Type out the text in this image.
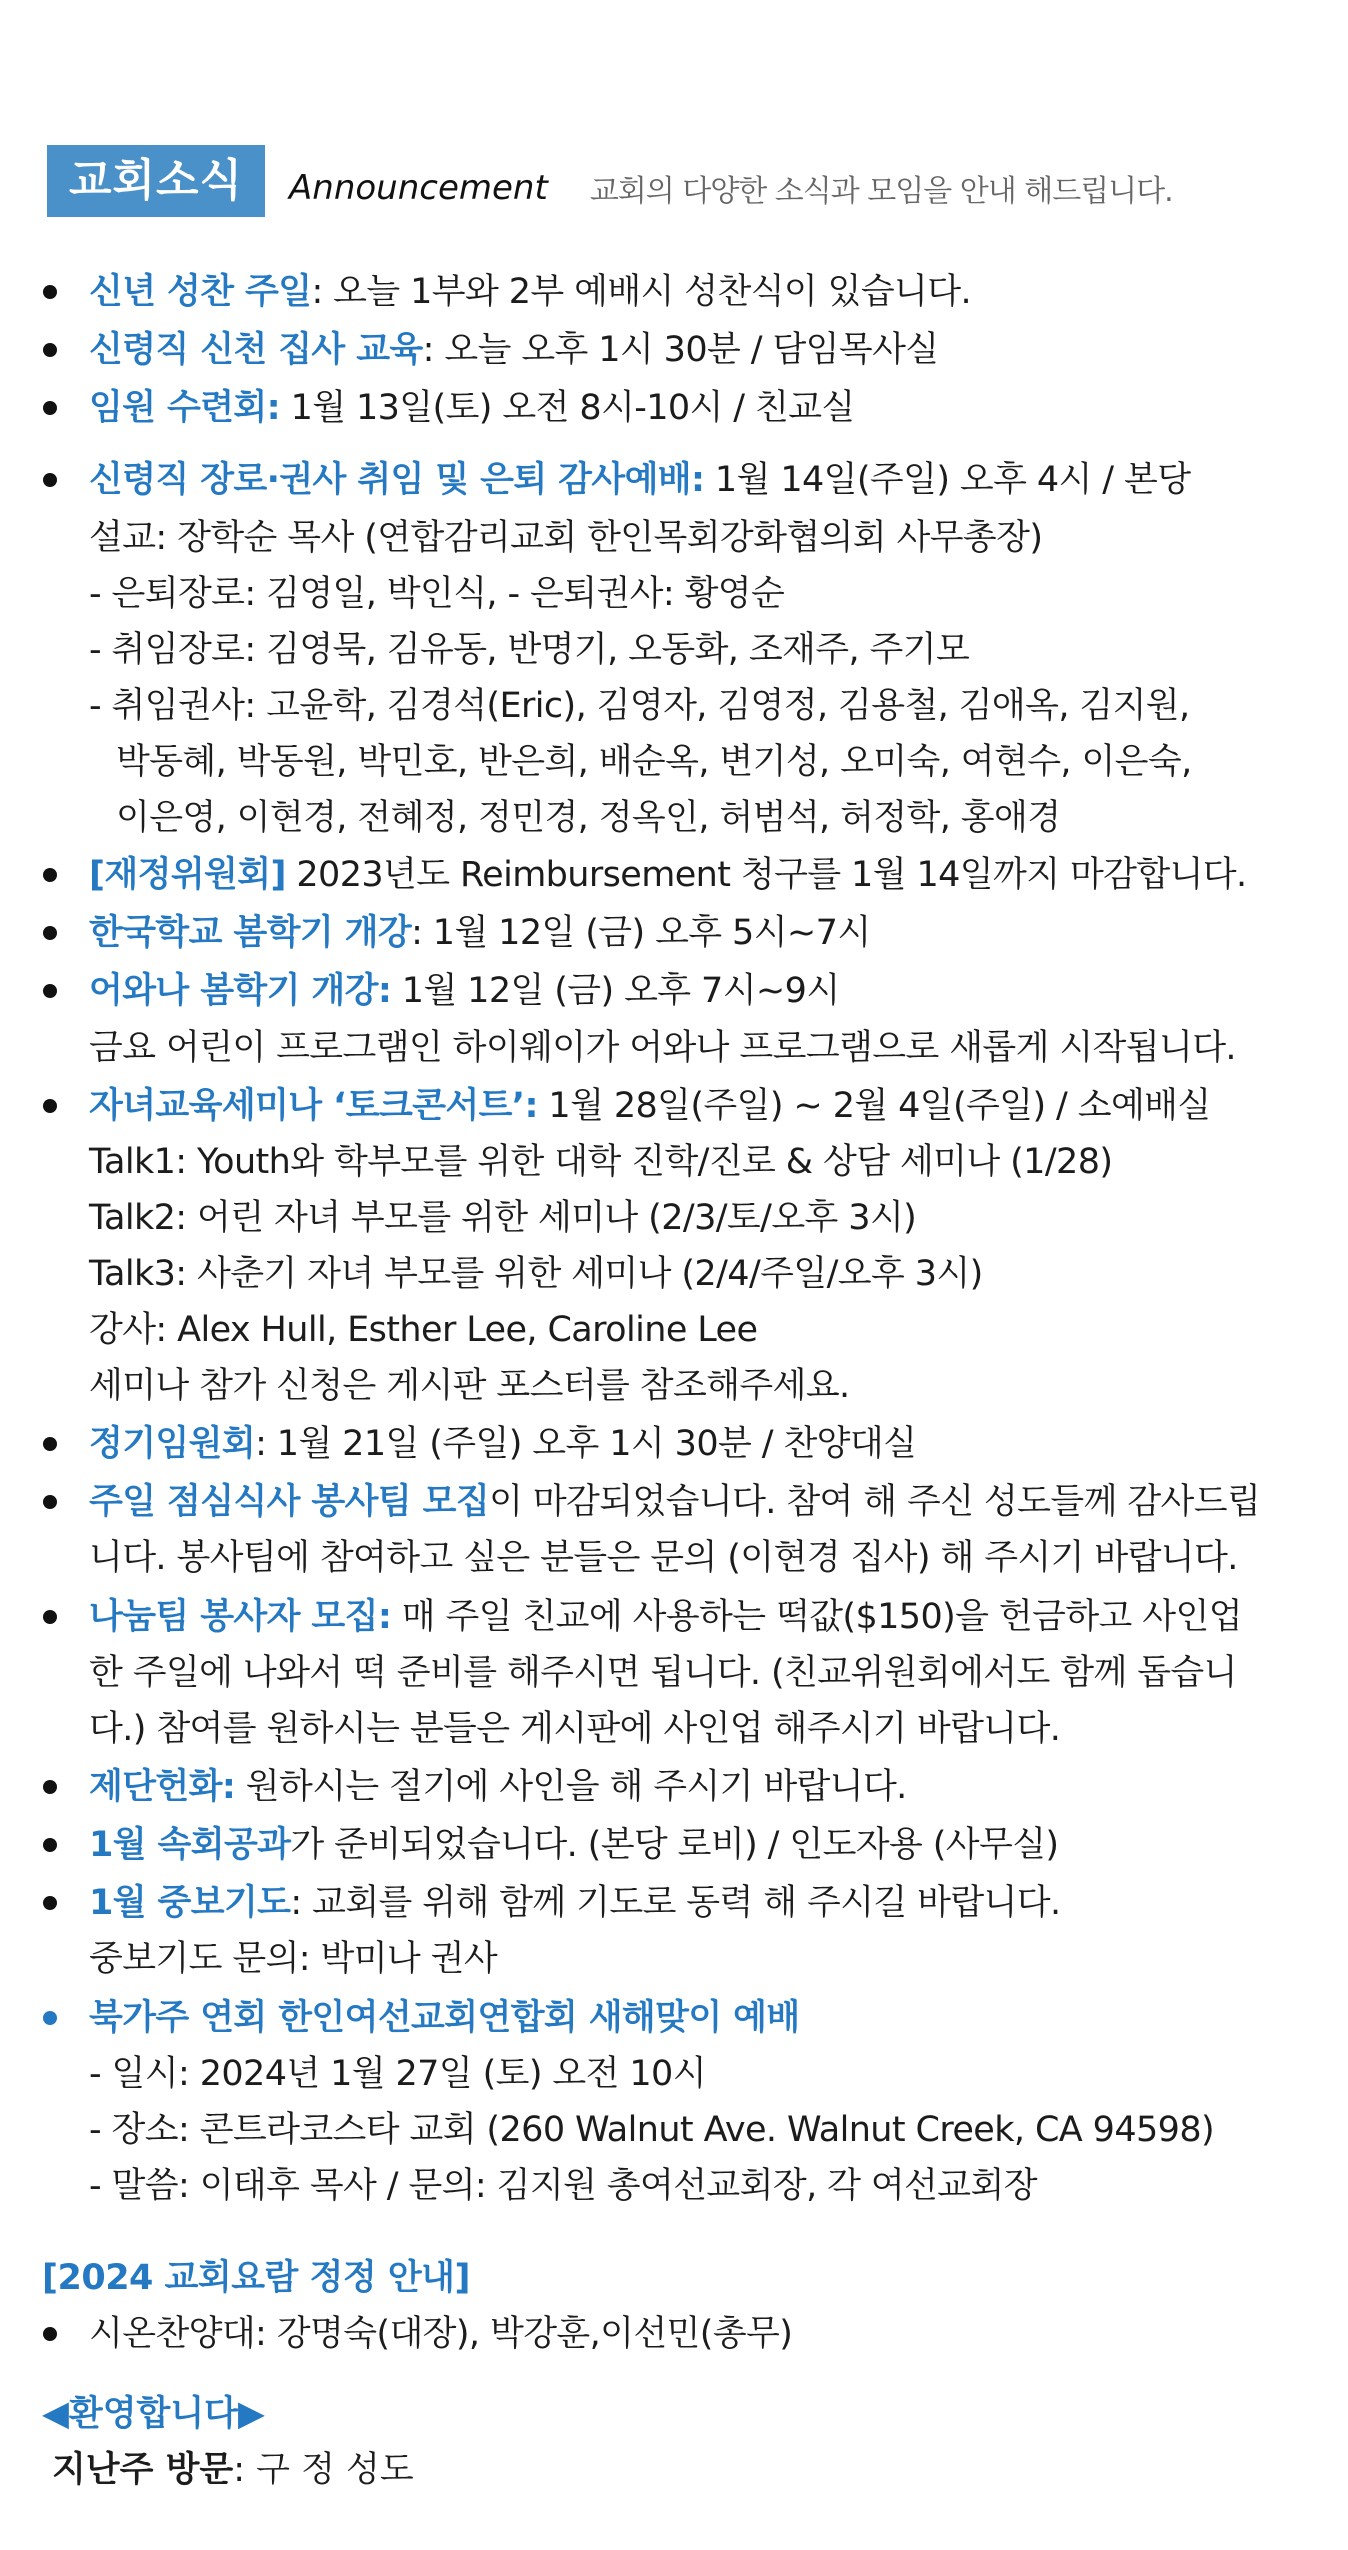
교회소식	Announcement 교회의 다양한 소식과 모임을 안내 해드립니다.
신년 성찬 주일: 오늘 1부와 2부 예배시 성찬식이 있습니다.
신령직 신천 집사 교육: 오늘 오후 1시 30분 / 담임목사실
임원 수련회: 1월 13일(토) 오전 8시-10시 / 친교실
신령직 장로·권사 취임 및 은퇴 감사예배: 1월 14일(주일) 오후 4시 / 본당
설교: 장학순 목사 (연합감리교회 한인목회강화협의회 사무총장)
- 은퇴장로: 김영일, 박인식, - 은퇴권사: 황영순
- 취임장로: 김영묵, 김유동, 반명기, 오동화, 조재주, 주기모
- 취임권사: 고윤학, 김경석(Eric), 김영자, 김영정, 김용철, 김애옥, 김지원,
박동혜, 박동원, 박민호, 반은희, 배순옥, 변기성, 오미숙, 여현수, 이은숙,
이은영, 이현경, 전혜정, 정민경, 정옥인, 허범석, 허정학, 홍애경
[재정위원회] 2023년도 Reimbursement 청구를 1월 14일까지 마감합니다.
한국학교 봄학기 개강: 1월 12일 (금) 오후 5시~7시
어와나 봄학기 개강: 1월 12일 (금) 오후 7시~9시
금요 어린이 프로그램인 하이웨이가 어와나 프로그램으로 새롭게 시작됩니다.
자녀교육세미나 ‘토크콘서트’: 1월 28일(주일) ~ 2월 4일(주일) / 소예배실
Talk1: Youth와 학부모를 위한 대학 진학/진로 & 상담 세미나 (1/28)
Talk2: 어린 자녀 부모를 위한 세미나 (2/3/토/오후 3시)
Talk3: 사춘기 자녀 부모를 위한 세미나 (2/4/주일/오후 3시)
강사: Alex Hull, Esther Lee, Caroline Lee
세미나 참가 신청은 게시판 포스터를 참조해주세요.
정기임원회: 1월 21일 (주일) 오후 1시 30분 / 찬양대실
주일 점심식사 봉사팀 모집이 마감되었습니다. 참여 해 주신 성도들께 감사드립
니다. 봉사팀에 참여하고 싶은 분들은 문의 (이현경 집사) 해 주시기 바랍니다.
나눔팀 봉사자 모집: 매 주일 친교에 사용하는 떡값($150)을 헌금하고 사인업
한 주일에 나와서 떡 준비를 해주시면 됩니다. (친교위원회에서도 함께 돕습니
다.) 참여를 원하시는 분들은 게시판에 사인업 해주시기 바랍니다.
제단헌화: 원하시는 절기에 사인을 해 주시기 바랍니다.
1월 속회공과가 준비되었습니다. (본당 로비) / 인도자용 (사무실)
1월 중보기도: 교회를 위해 함께 기도로 동력 해 주시길 바랍니다.
중보기도 문의: 박미나 권사
북가주 연회 한인여선교회연합회 새해맞이 예배
- 일시: 2024년 1월 27일 (토) 오전 10시
- 장소: 콘트라코스타 교회 (260 Walnut Ave. Walnut Creek, CA 94598)
- 말씀: 이태후 목사 / 문의: 김지원 총여선교회장, 각 여선교회장
[2024 교회요람 정정 안내]
시온찬양대: 강명숙(대장), 박강훈,이선민(총무)
◀환영합니다▶
지난주 방문: 구 정 성도
